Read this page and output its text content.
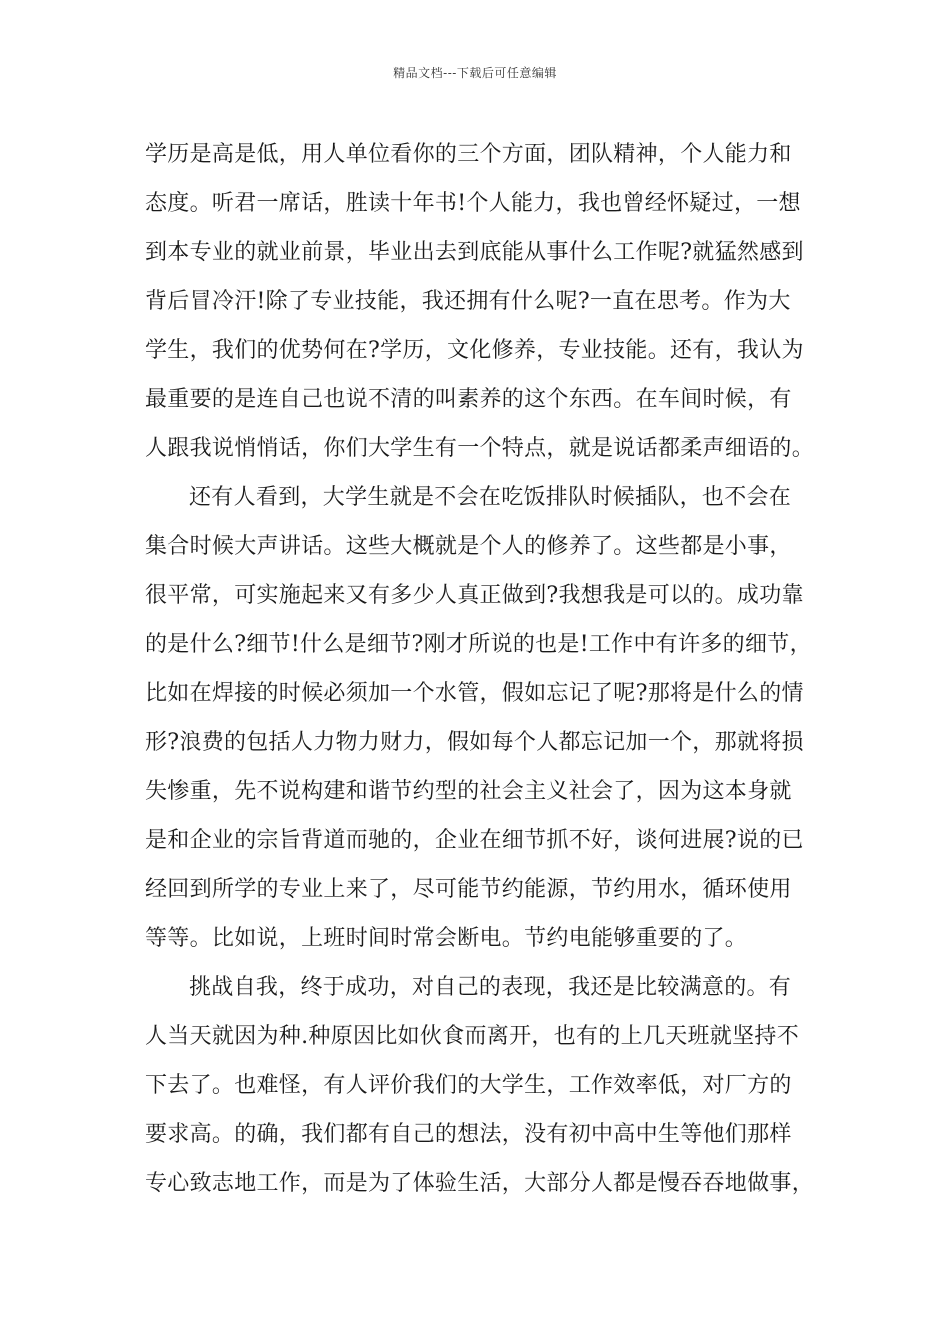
精品文档---下载后可任意编辑
学历是高是低，用人单位看你的三个方面，团队精神，个人能力和
态度。听君一席话，胜读十年书!个人能力，我也曾经怀疑过，一想
到本专业的就业前景，毕业出去到底能从事什么工作呢?就猛然感到
背后冒冷汗!除了专业技能，我还拥有什么呢?一直在思考。作为大
学生，我们的优势何在?学历，文化修养，专业技能。还有，我认为
最重要的是连自己也说不清的叫素养的这个东西。在车间时候，有
人跟我说悄悄话，你们大学生有一个特点，就是说话都柔声细语的。
还有人看到，大学生就是不会在吃饭排队时候插队，也不会在
集合时候大声讲话。这些大概就是个人的修养了。这些都是小事，
很平常，可实施起来又有多少人真正做到?我想我是可以的。成功靠
的是什么?细节!什么是细节?刚才所说的也是!工作中有许多的细节，
比如在焊接的时候必须加一个水管，假如忘记了呢?那将是什么的情
形?浪费的包括人力物力财力，假如每个人都忘记加一个，那就将损
失惨重，先不说构建和谐节约型的社会主义社会了，因为这本身就
是和企业的宗旨背道而驰的，企业在细节抓不好，谈何进展?说的已
经回到所学的专业上来了，尽可能节约能源，节约用水，循环使用
等等。比如说，上班时间时常会断电。节约电能够重要的了。
挑战自我，终于成功，对自己的表现，我还是比较满意的。有
人当天就因为种.种原因比如伙食而离开，也有的上几天班就坚持不
下去了。也难怪，有人评价我们的大学生，工作效率低，对厂方的
要求高。的确，我们都有自己的想法，没有初中高中生等他们那样
专心致志地工作，而是为了体验生活，大部分人都是慢吞吞地做事，
